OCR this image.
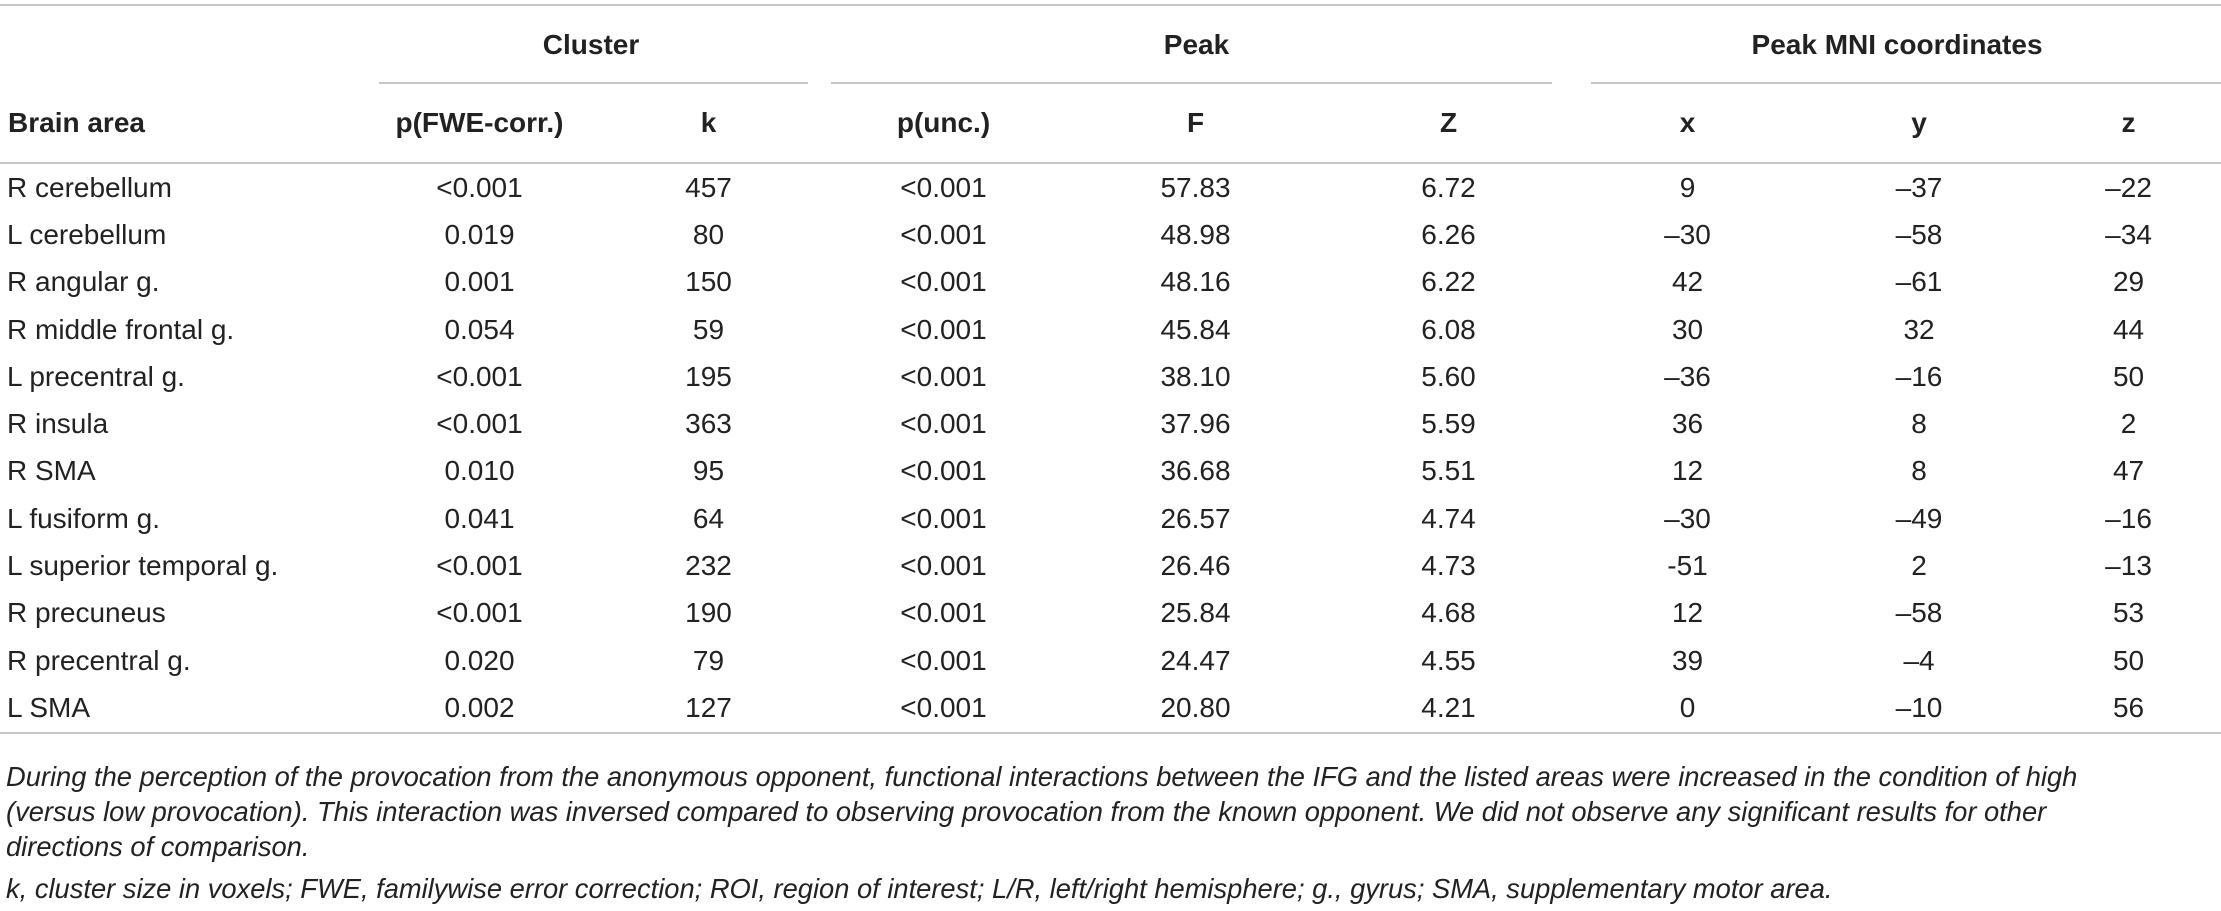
	Cluster		Peak			Peak MNI coordinates		

Brain area	p(FWE-corr.)	k	p(unc.)	F	Z	x	y	z
R cerebellum	<0.001	457	<0.001	57.83	6.72	9	–37	–22
L cerebellum	0.019	80	<0.001	48.98	6.26	–30	–58	–34
R angular g.	0.001	150	<0.001	48.16	6.22	42	–61	29
R middle frontal g.	0.054	59	<0.001	45.84	6.08	30	32	44
L precentral g.	<0.001	195	<0.001	38.10	5.60	–36	–16	50
R insula	<0.001	363	<0.001	37.96	5.59	36	8	2
R SMA	0.010	95	<0.001	36.68	5.51	12	8	47
L fusiform g.	0.041	64	<0.001	26.57	4.74	–30	–49	–16
L superior temporal g.	<0.001	232	<0.001	26.46	4.73	-51	2	–13
R precuneus	<0.001	190	<0.001	25.84	4.68	12	–58	53
R precentral g.	0.020	79	<0.001	24.47	4.55	39	–4	50
L SMA	0.002	127	<0.001	20.80	4.21	0	–10	56
During the perception of the provocation from the anonymous opponent, functional interactions between the IFG and the listed areas were increased in the condition of high (versus low provocation). This interaction was inversed compared to observing provocation from the known opponent. We did not observe any significant results for other directions of comparison.
k, cluster size in voxels; FWE, familywise error correction; ROI, region of interest; L/R, left/right hemisphere; g., gyrus; SMA, supplementary motor area.
